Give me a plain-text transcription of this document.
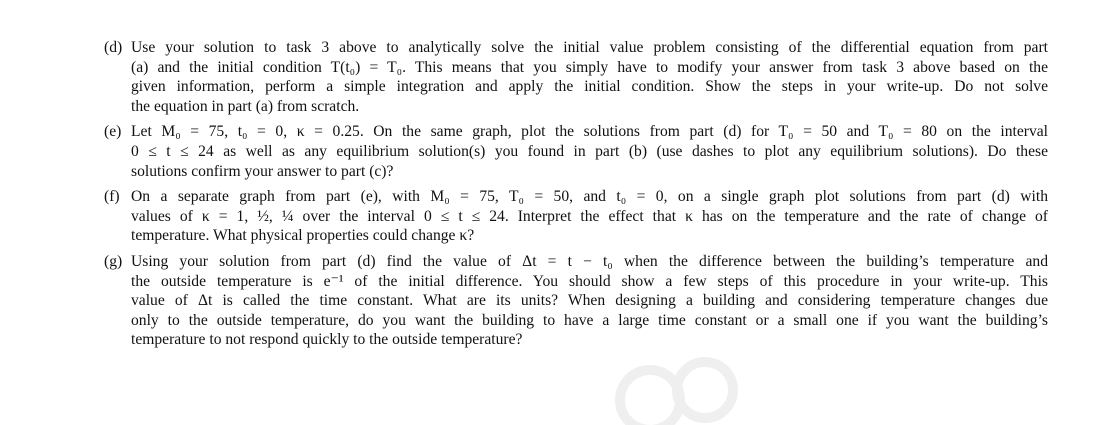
(d) Use your solution to task 3 above to analytically solve the initial value problem consisting of the differential equation from part
(a) and the initial condition T(t₀) = T₀. This means that you simply have to modify your answer from task 3 above based on the
given information, perform a simple integration and apply the initial condition. Show the steps in your write-up. Do not solve
the equation in part (a) from scratch.
(e) Let M₀ = 75, t₀ = 0, κ = 0.25. On the same graph, plot the solutions from part (d) for T₀ = 50 and T₀ = 80 on the interval
0 ≤ t ≤ 24 as well as any equilibrium solution(s) you found in part (b) (use dashes to plot any equilibrium solutions). Do these
solutions confirm your answer to part (c)?
(f) On a separate graph from part (e), with M₀ = 75, T₀ = 50, and t₀ = 0, on a single graph plot solutions from part (d) with
values of κ = 1, ½, ¼ over the interval 0 ≤ t ≤ 24. Interpret the effect that κ has on the temperature and the rate of change of
temperature. What physical properties could change κ?
(g) Using your solution from part (d) find the value of Δt = t − t₀ when the difference between the building’s temperature and
the outside temperature is e⁻¹ of the initial difference. You should show a few steps of this procedure in your write-up. This
value of Δt is called the time constant. What are its units? When designing a building and considering temperature changes due
only to the outside temperature, do you want the building to have a large time constant or a small one if you want the building’s
temperature to not respond quickly to the outside temperature?
